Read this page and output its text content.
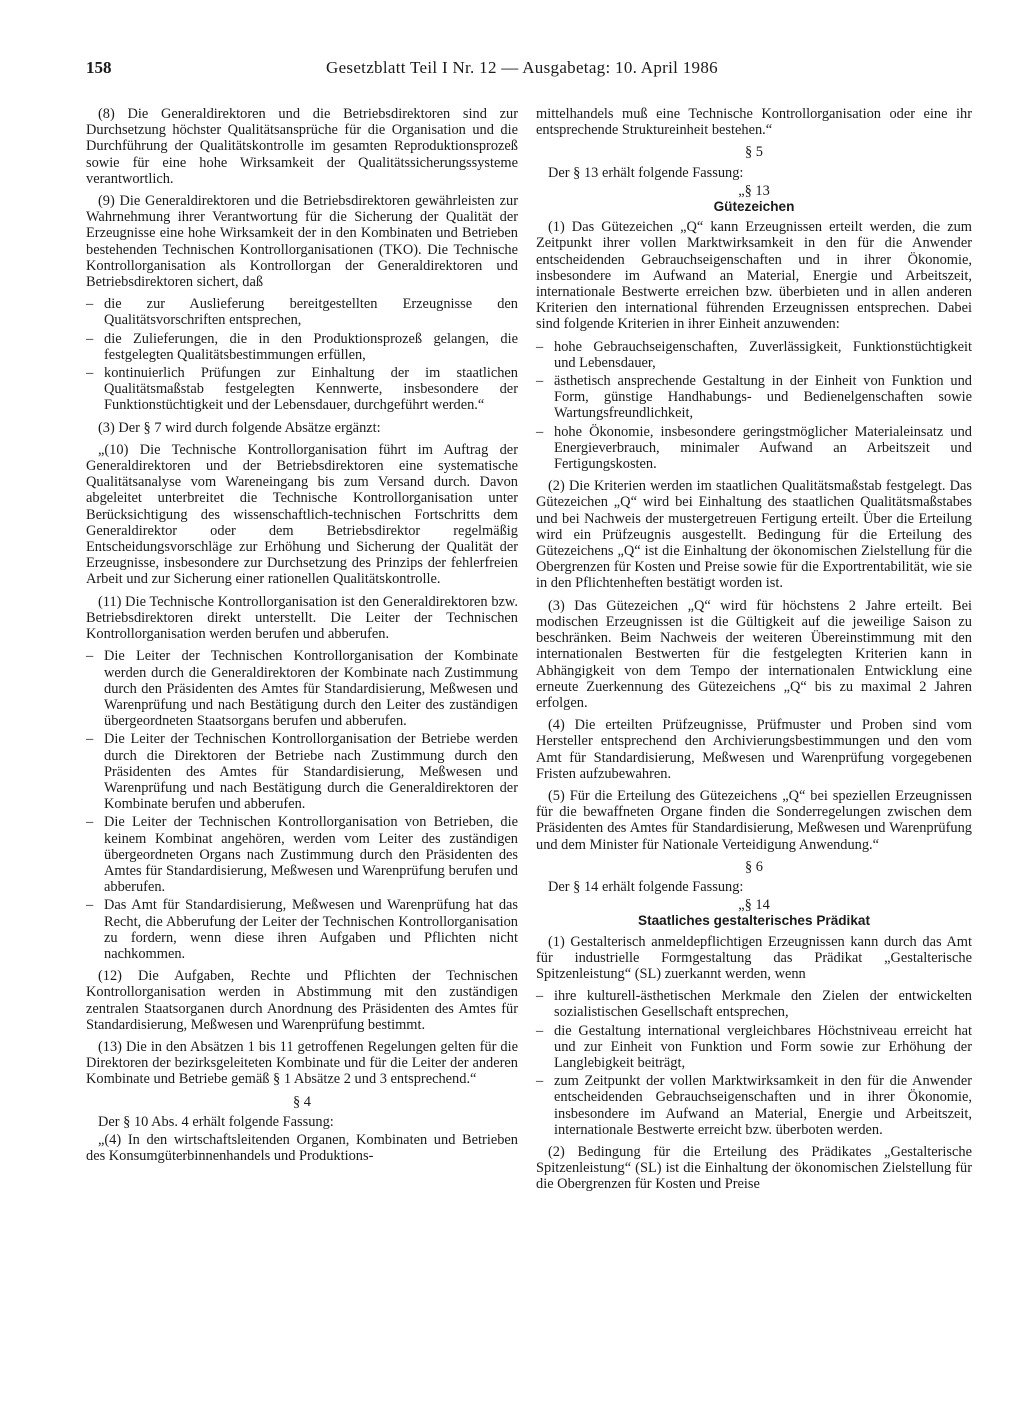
158	Gesetzblatt Teil I Nr. 12 — Ausgabetag: 10. April 1986

(8) Die Generaldirektoren und die Betriebsdirektoren sind zur Durchsetzung höchster Qualitätsansprüche für die Organisation und die Durchführung der Qualitätskontrolle im gesamten Reproduktionsprozeß sowie für eine hohe Wirksamkeit der Qualitätssicherungssysteme verantwortlich.

(9) Die Generaldirektoren und die Betriebsdirektoren gewährleisten zur Wahrnehmung ihrer Verantwortung für die Sicherung der Qualität der Erzeugnisse eine hohe Wirksamkeit der in den Kombinaten und Betrieben bestehenden Technischen Kontrollorganisationen (TKO). Die Technische Kontrollorganisation als Kontrollorgan der Generaldirektoren und Betriebsdirektoren sichert, daß

– die zur Auslieferung bereitgestellten Erzeugnisse den Qualitätsvorschriften entsprechen,
– die Zulieferungen, die in den Produktionsprozeß gelangen, die festgelegten Qualitätsbestimmungen erfüllen,
– kontinuierlich Prüfungen zur Einhaltung der im staatlichen Qualitätsmaßstab festgelegten Kennwerte, insbesondere der Funktionstüchtigkeit und der Lebensdauer, durchgeführt werden.“

(3) Der § 7 wird durch folgende Absätze ergänzt:

„(10) Die Technische Kontrollorganisation führt im Auftrag der Generaldirektoren und der Betriebsdirektoren eine systematische Qualitätsanalyse vom Wareneingang bis zum Versand durch. Davon abgeleitet unterbreitet die Technische Kontrollorganisation unter Berücksichtigung des wissenschaftlich-technischen Fortschritts dem Generaldirektor oder dem Betriebsdirektor regelmäßig Entscheidungsvorschläge zur Erhöhung und Sicherung der Qualität der Erzeugnisse, insbesondere zur Durchsetzung des Prinzips der fehlerfreien Arbeit und zur Sicherung einer rationellen Qualitätskontrolle.

(11) Die Technische Kontrollorganisation ist den Generaldirektoren bzw. Betriebsdirektoren direkt unterstellt. Die Leiter der Technischen Kontrollorganisation werden berufen und abberufen.

– Die Leiter der Technischen Kontrollorganisation der Kombinate werden durch die Generaldirektoren der Kombinate nach Zustimmung durch den Präsidenten des Amtes für Standardisierung, Meßwesen und Warenprüfung und nach Bestätigung durch den Leiter des zuständigen übergeordneten Staatsorgans berufen und abberufen.
– Die Leiter der Technischen Kontrollorganisation der Betriebe werden durch die Direktoren der Betriebe nach Zustimmung durch den Präsidenten des Amtes für Standardisierung, Meßwesen und Warenprüfung und nach Bestätigung durch die Generaldirektoren der Kombinate berufen und abberufen.
– Die Leiter der Technischen Kontrollorganisation von Betrieben, die keinem Kombinat angehören, werden vom Leiter des zuständigen übergeordneten Organs nach Zustimmung durch den Präsidenten des Amtes für Standardisierung, Meßwesen und Warenprüfung berufen und abberufen.
– Das Amt für Standardisierung, Meßwesen und Warenprüfung hat das Recht, die Abberufung der Leiter der Technischen Kontrollorganisation zu fordern, wenn diese ihren Aufgaben und Pflichten nicht nachkommen.

(12) Die Aufgaben, Rechte und Pflichten der Technischen Kontrollorganisation werden in Abstimmung mit den zuständigen zentralen Staatsorganen durch Anordnung des Präsidenten des Amtes für Standardisierung, Meßwesen und Warenprüfung bestimmt.

(13) Die in den Absätzen 1 bis 11 getroffenen Regelungen gelten für die Direktoren der bezirksgeleiteten Kombinate und für die Leiter der anderen Kombinate und Betriebe gemäß § 1 Absätze 2 und 3 entsprechend.“

§ 4

Der § 10 Abs. 4 erhält folgende Fassung:

„(4) In den wirtschaftsleitenden Organen, Kombinaten und Betrieben des Konsumgüterbinnenhandels und Produktions-

mittelhandels muß eine Technische Kontrollorganisation oder eine ihr entsprechende Struktureinheit bestehen.“

§ 5

Der § 13 erhält folgende Fassung:

„§ 13
Gütezeichen

(1) Das Gütezeichen „Q“ kann Erzeugnissen erteilt werden, die zum Zeitpunkt ihrer vollen Marktwirksamkeit in den für die Anwender entscheidenden Gebrauchseigenschaften und in ihrer Ökonomie, insbesondere im Aufwand an Material, Energie und Arbeitszeit, internationale Bestwerte erreichen bzw. überbieten und in allen anderen Kriterien den international führenden Erzeugnissen entsprechen. Dabei sind folgende Kriterien in ihrer Einheit anzuwenden:

– hohe Gebrauchseigenschaften, Zuverlässigkeit, Funktionstüchtigkeit und Lebensdauer,
– ästhetisch ansprechende Gestaltung in der Einheit von Funktion und Form, günstige Handhabungs- und Bedienelgenschaften sowie Wartungsfreundlichkeit,
– hohe Ökonomie, insbesondere geringstmöglicher Materialeinsatz und Energieverbrauch, minimaler Aufwand an Arbeitszeit und Fertigungskosten.

(2) Die Kriterien werden im staatlichen Qualitätsmaßstab festgelegt. Das Gütezeichen „Q“ wird bei Einhaltung des staatlichen Qualitätsmaßstabes und bei Nachweis der mustergetreuen Fertigung erteilt. Über die Erteilung wird ein Prüfzeugnis ausgestellt. Bedingung für die Erteilung des Gütezeichens „Q“ ist die Einhaltung der ökonomischen Zielstellung für die Obergrenzen für Kosten und Preise sowie für die Exportrentabilität, wie sie in den Pflichtenheften bestätigt worden ist.

(3) Das Gütezeichen „Q“ wird für höchstens 2 Jahre erteilt. Bei modischen Erzeugnissen ist die Gültigkeit auf die jeweilige Saison zu beschränken. Beim Nachweis der weiteren Übereinstimmung mit den internationalen Bestwerten für die festgelegten Kriterien kann in Abhängigkeit von dem Tempo der internationalen Entwicklung eine erneute Zuerkennung des Gütezeichens „Q“ bis zu maximal 2 Jahren erfolgen.

(4) Die erteilten Prüfzeugnisse, Prüfmuster und Proben sind vom Hersteller entsprechend den Archivierungsbestimmungen und den vom Amt für Standardisierung, Meßwesen und Warenprüfung vorgegebenen Fristen aufzubewahren.

(5) Für die Erteilung des Gütezeichens „Q“ bei speziellen Erzeugnissen für die bewaffneten Organe finden die Sonderregelungen zwischen dem Präsidenten des Amtes für Standardisierung, Meßwesen und Warenprüfung und dem Minister für Nationale Verteidigung Anwendung.“

§ 6

Der § 14 erhält folgende Fassung:

„§ 14
Staatliches gestalterisches Prädikat

(1) Gestalterisch anmeldepflichtigen Erzeugnissen kann durch das Amt für industrielle Formgestaltung das Prädikat „Gestalterische Spitzenleistung“ (SL) zuerkannt werden, wenn

– ihre kulturell-ästhetischen Merkmale den Zielen der entwickelten sozialistischen Gesellschaft entsprechen,
– die Gestaltung international vergleichbares Höchstniveau erreicht hat und zur Einheit von Funktion und Form sowie zur Erhöhung der Langlebigkeit beiträgt,
– zum Zeitpunkt der vollen Marktwirksamkeit in den für die Anwender entscheidenden Gebrauchseigenschaften und in ihrer Ökonomie, insbesondere im Aufwand an Material, Energie und Arbeitszeit, internationale Bestwerte erreicht bzw. überboten werden.

(2) Bedingung für die Erteilung des Prädikates „Gestalterische Spitzenleistung“ (SL) ist die Einhaltung der ökonomischen Zielstellung für die Obergrenzen für Kosten und Preise
